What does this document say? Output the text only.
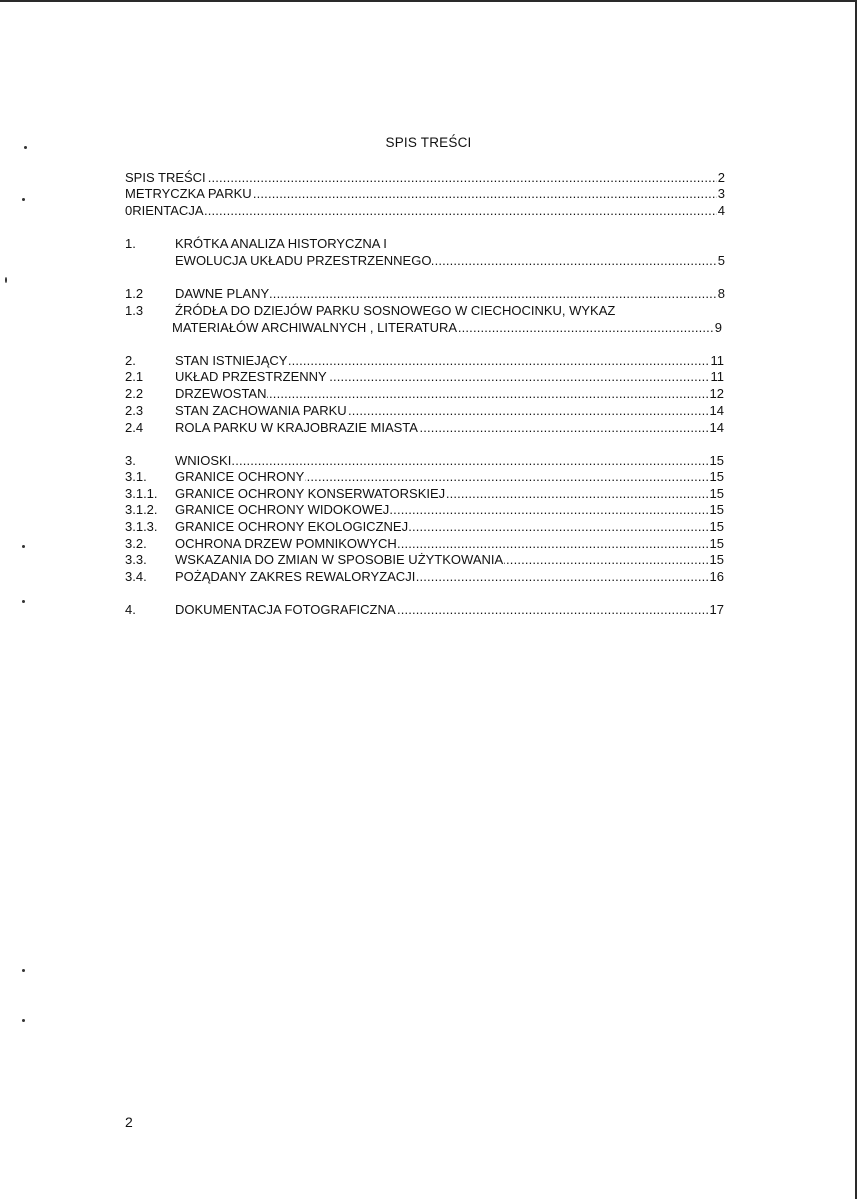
SPIS TREŚCI
.....
SPIS TREŚCI	2
.....
METRYCZKA PARKU	3
.....
0RIENTACJA	4
1.	KRÓTKA ANALIZA HISTORYCZNA I
.....
EWOLUCJA UKŁADU PRZESTRZENNEGO	5
1.2 ..... DAWNE PLANY	8
1.3 ŹRÓDŁA DO DZIEJÓW PARKU SOSNOWEGO W CIECHOCINKU, WYKAZ
.....
MATERIAŁÓW ARCHIWALNYCH , LITERATURA	9
2. .....	STAN ISTNIEJĄCY	11
2.1 ..... UKŁAD PRZESTRZENNY	11
2.2 ..... DRZEWOSTAN	12
2.3 ..... STAN ZACHOWANIA PARKU	14
2.4 ..... ROLA PARKU W KRAJOBRAZIE MIASTA	14
3. .....	WNIOSKI	15
3.1. ..... GRANICE OCHRONY	15
3.1.1. ..... GRANICE OCHRONY KONSERWATORSKIEJ	15
3.1.2. ..... GRANICE OCHRONY WIDOKOWEJ	15
3.1.3. ..... GRANICE OCHRONY EKOLOGICZNEJ	15
3.2. ..... OCHRONA DRZEW POMNIKOWYCH	15
3.3. ..... WSKAZANIA DO ZMIAN W SPOSOBIE UŻYTKOWANIA	15
3.4. ..... POŻĄDANY ZAKRES REWALORYZACJI	16
4. .....	DOKUMENTACJA FOTOGRAFICZNA	17
2
